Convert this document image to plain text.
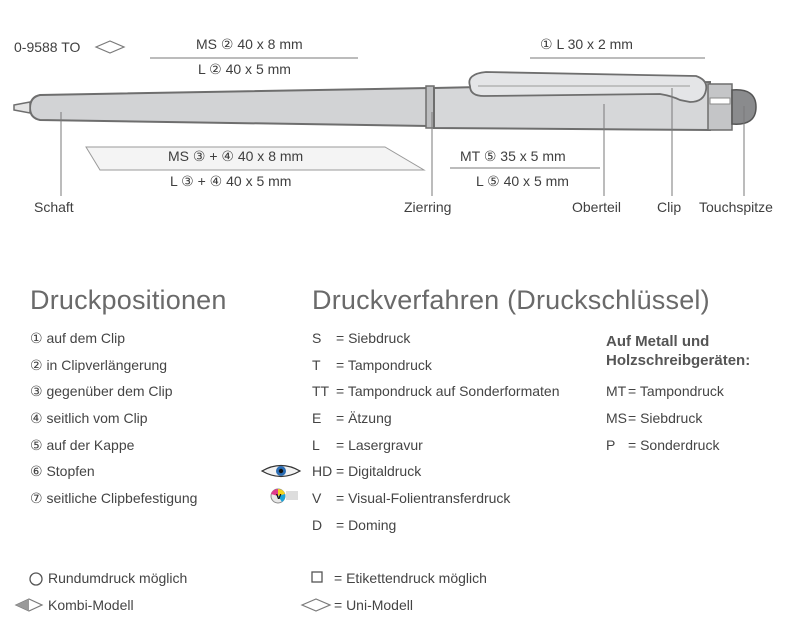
V
0-9588 TO	MS ② 40 x 8 mm
L ② 40 x 5 mm
① L 30 x 2 mm
MS ③ + ④ 40 x 8 mm
L ③ + ④ 40 x 5 mm
MT ⑤ 35 x 5 mm
L ⑤ 40 x 5 mm
Schaft	Zierring	Oberteil	Clip Touchspitze
Druckpositionen
① auf dem Clip
② in Clipverlängerung
③ gegenüber dem Clip
④ seitlich vom Clip
⑤ auf der Kappe
⑥ Stopfen
⑦ seitliche Clipbefestigung
Druckverfahren (Druckschlüssel)
S = Siebdruck
T = Tampondruck
TT = Tampondruck auf Sonderformaten
E = Ätzung
L = Lasergravur
HD = Digitaldruck
V = Visual-Folientransferdruck
D = Doming
Auf Metall und
Holzschreibgeräten:
MT = Tampondruck
MS = Siebdruck
P = Sonderdruck
Rundumdruck möglich	= Etikettendruck möglich
Kombi-Modell	= Uni-Modell
